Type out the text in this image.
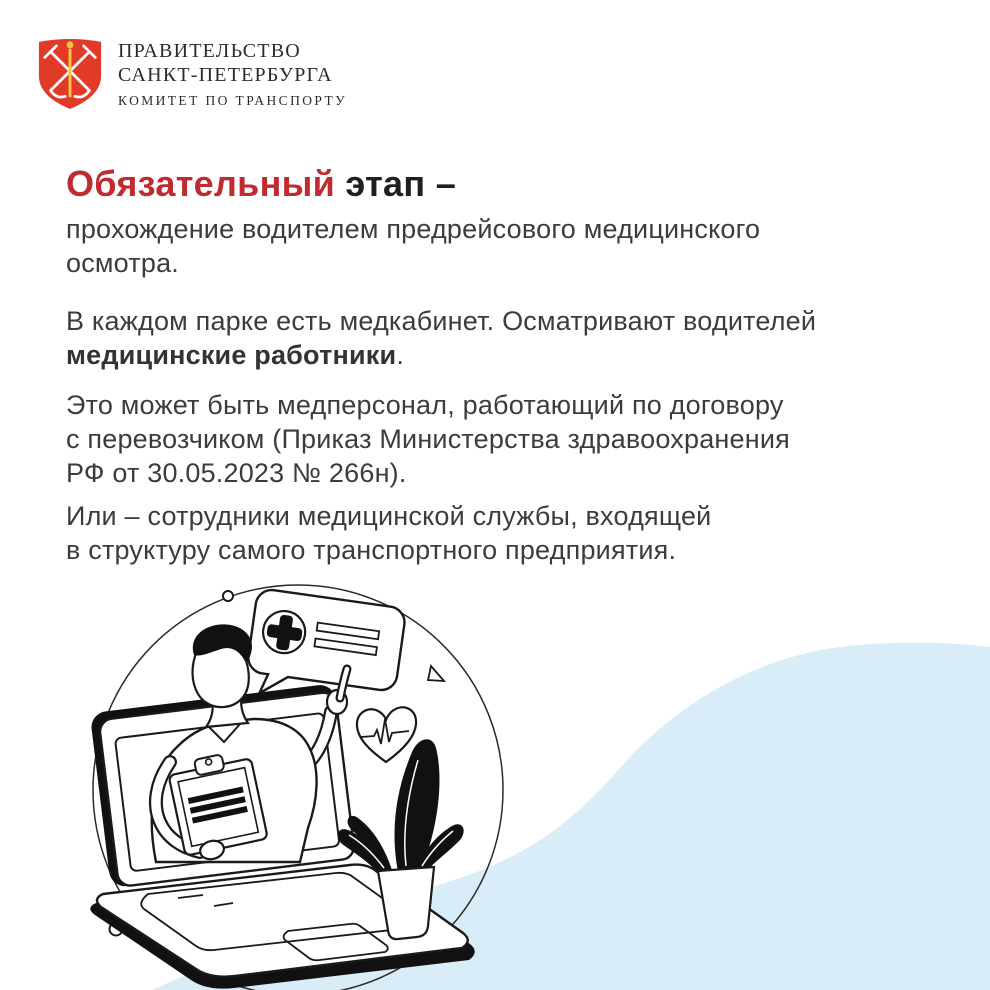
ПРАВИТЕЛЬСТВО
САНКТ-ПЕТЕРБУРГА
КОМИТЕТ ПО ТРАНСПОРТУ
Обязательный этап –
прохождение водителем предрейсового медицинского
осмотра.
В каждом парке есть медкабинет. Осматривают водителей
медицинские работники.
Это может быть медперсонал, работающий по договору
с перевозчиком (Приказ Министерства здравоохранения
РФ от 30.05.2023 № 266н).
Или – сотрудники медицинской службы, входящей
в структуру самого транспортного предприятия.
